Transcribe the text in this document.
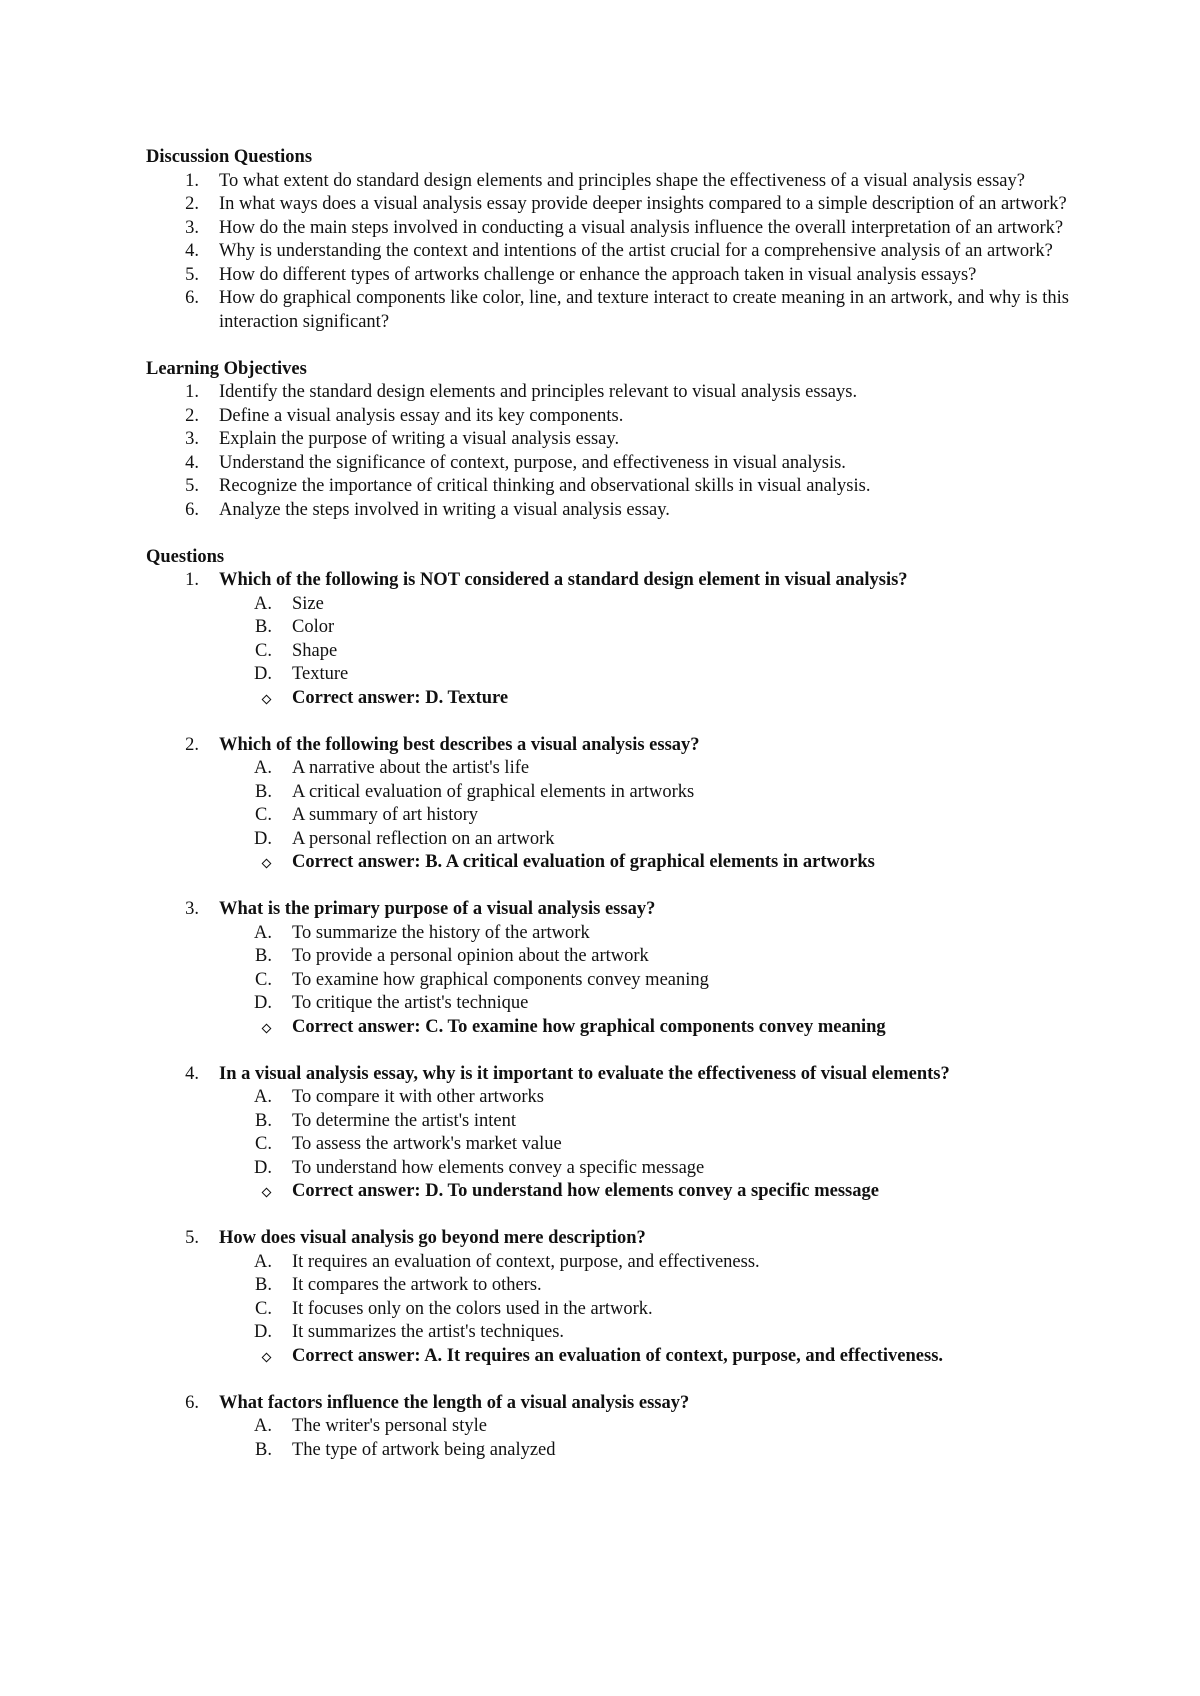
Discussion Questions
1. To what extent do standard design elements and principles shape the effectiveness of a visual analysis essay?
2. In what ways does a visual analysis essay provide deeper insights compared to a simple description of an artwork?
3. How do the main steps involved in conducting a visual analysis influence the overall interpretation of an artwork?
4. Why is understanding the context and intentions of the artist crucial for a comprehensive analysis of an artwork?
5. How do different types of artworks challenge or enhance the approach taken in visual analysis essays?
6. How do graphical components like color, line, and texture interact to create meaning in an artwork, and why is this interaction significant?
Learning Objectives
1. Identify the standard design elements and principles relevant to visual analysis essays.
2. Define a visual analysis essay and its key components.
3. Explain the purpose of writing a visual analysis essay.
4. Understand the significance of context, purpose, and effectiveness in visual analysis.
5. Recognize the importance of critical thinking and observational skills in visual analysis.
6. Analyze the steps involved in writing a visual analysis essay.
Questions
1. Which of the following is NOT considered a standard design element in visual analysis?
A. Size
B. Color
C. Shape
D. Texture
Correct answer: D. Texture
2. Which of the following best describes a visual analysis essay?
A. A narrative about the artist's life
B. A critical evaluation of graphical elements in artworks
C. A summary of art history
D. A personal reflection on an artwork
Correct answer: B. A critical evaluation of graphical elements in artworks
3. What is the primary purpose of a visual analysis essay?
A. To summarize the history of the artwork
B. To provide a personal opinion about the artwork
C. To examine how graphical components convey meaning
D. To critique the artist's technique
Correct answer: C. To examine how graphical components convey meaning
4. In a visual analysis essay, why is it important to evaluate the effectiveness of visual elements?
A. To compare it with other artworks
B. To determine the artist's intent
C. To assess the artwork's market value
D. To understand how elements convey a specific message
Correct answer: D. To understand how elements convey a specific message
5. How does visual analysis go beyond mere description?
A. It requires an evaluation of context, purpose, and effectiveness.
B. It compares the artwork to others.
C. It focuses only on the colors used in the artwork.
D. It summarizes the artist's techniques.
Correct answer: A. It requires an evaluation of context, purpose, and effectiveness.
6. What factors influence the length of a visual analysis essay?
A. The writer's personal style
B. The type of artwork being analyzed
